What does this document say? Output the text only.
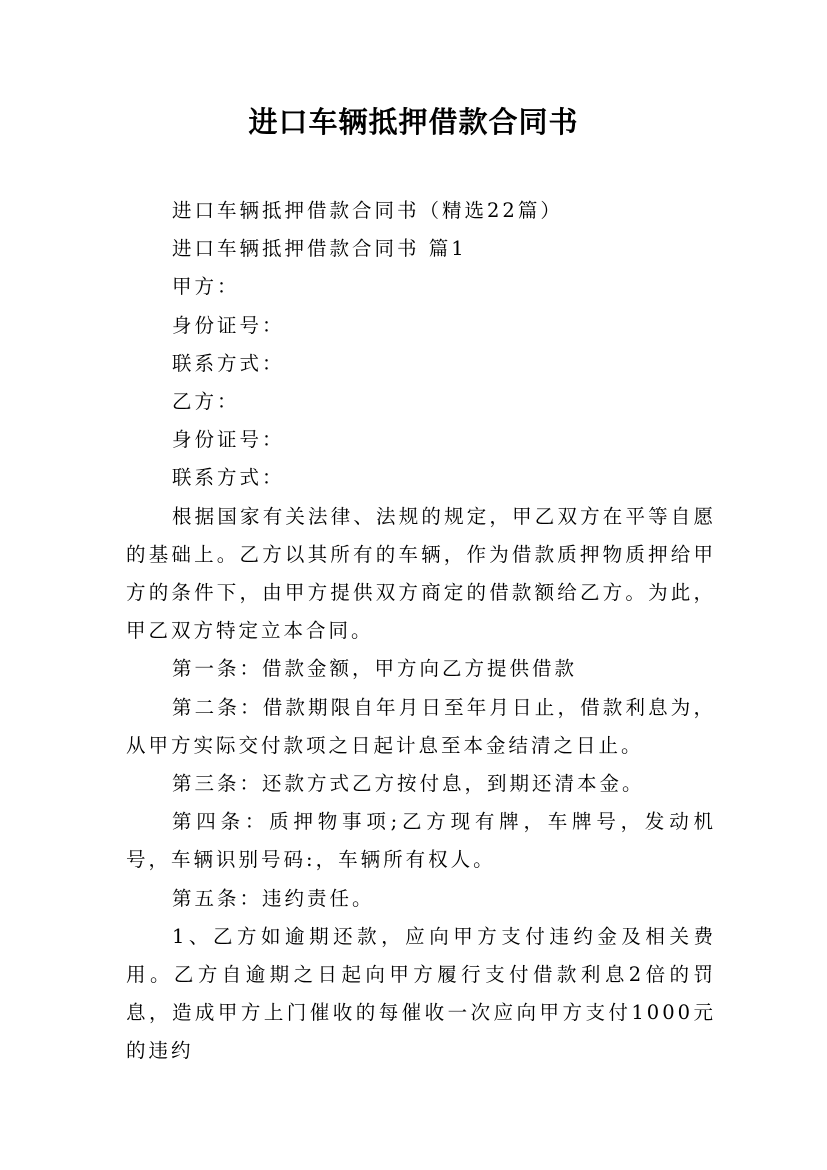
进口车辆抵押借款合同书

进口车辆抵押借款合同书（精选22篇）

进口车辆抵押借款合同书 篇1

甲方：

身份证号：

联系方式：

乙方：

身份证号：

联系方式：

根据国家有关法律、法规的规定，甲乙双方在平等自愿的基础上。乙方以其所有的车辆，作为借款质押物质押给甲方的条件下，由甲方提供双方商定的借款额给乙方。为此，甲乙双方特定立本合同。

第一条：借款金额，甲方向乙方提供借款

第二条：借款期限自年月日至年月日止，借款利息为，从甲方实际交付款项之日起计息至本金结清之日止。

第三条：还款方式乙方按付息，到期还清本金。

第四条：质押物事项;乙方现有牌，车牌号，发动机号，车辆识别号码:，车辆所有权人。

第五条：违约责任。

1、乙方如逾期还款，应向甲方支付违约金及相关费用。乙方自逾期之日起向甲方履行支付借款利息2倍的罚息，造成甲方上门催收的每催收一次应向甲方支付1000元的违约
